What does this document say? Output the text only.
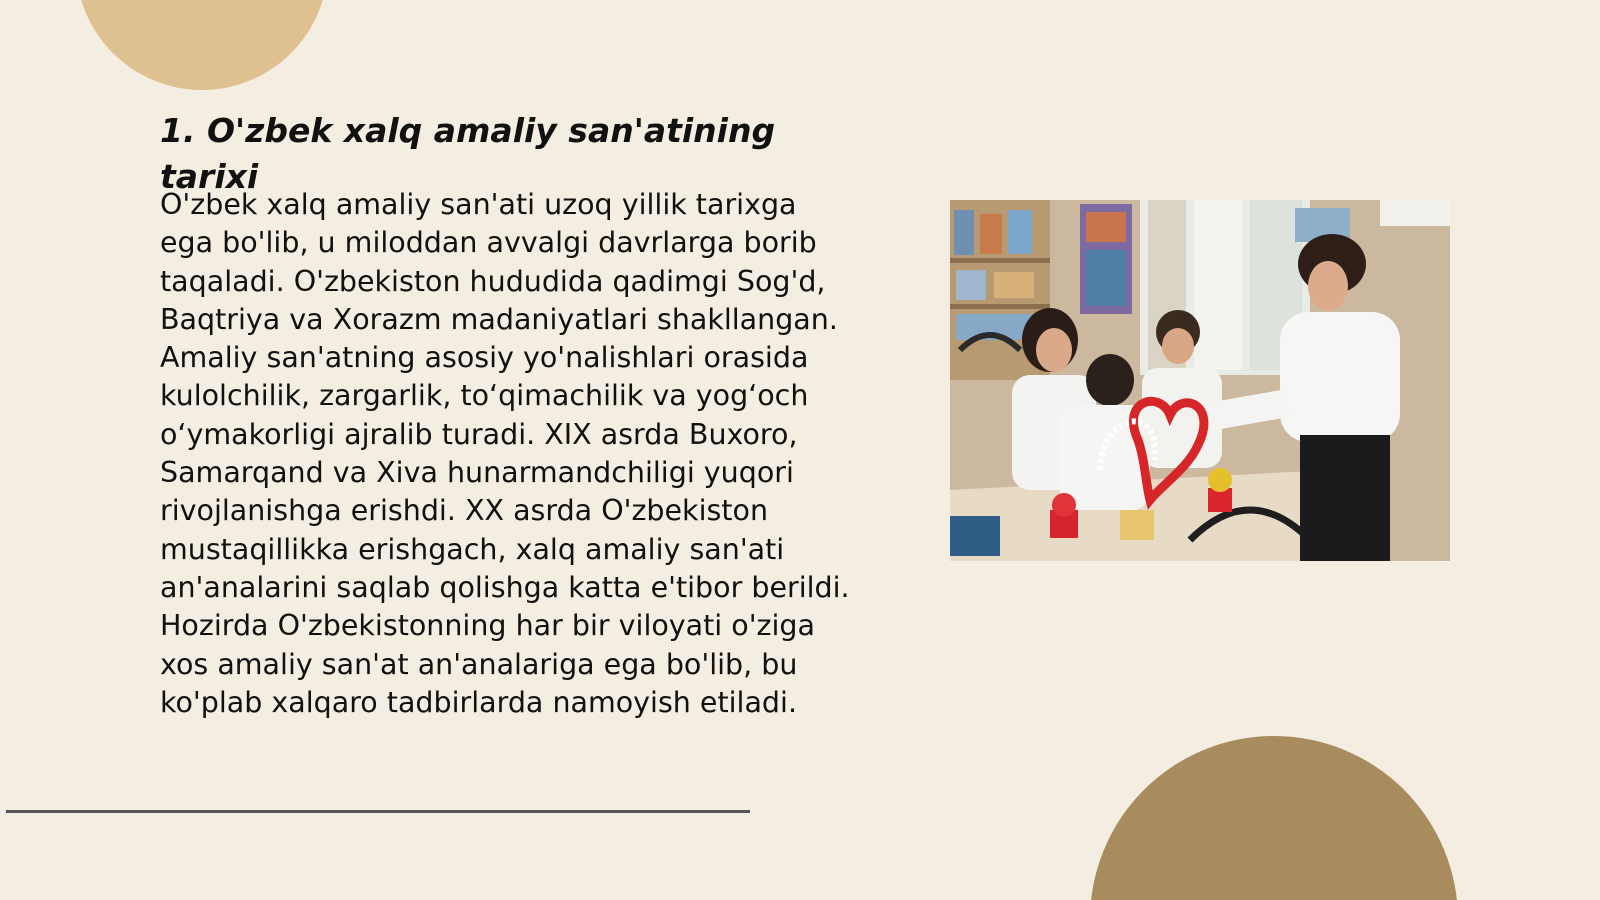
1. O'zbek xalq amaliy san'atining tarixi

O'zbek xalq amaliy san'ati uzoq yillik tarixga ega bo'lib, u miloddan avvalgi davrlarga borib taqaladi. O'zbekiston hududida qadimgi Sog'd, Baqtriya va Xorazm madaniyatlari shakllangan. Amaliy san'atning asosiy yo'nalishlari orasida kulolchilik, zargarlik, to‘qimachilik va yog‘och o‘ymakorligi ajralib turadi. XIX asrda Buxoro, Samarqand va Xiva hunarmandchiligi yuqori rivojlanishga erishdi. XX asrda O'zbekiston mustaqillikka erishgach, xalq amaliy san'ati an'analarini saqlab qolishga katta e'tibor berildi. Hozirda O'zbekistonning har bir viloyati o'ziga xos amaliy san'at an'analariga ega bo'lib, bu ko'plab xalqaro tadbirlarda namoyish etiladi.
